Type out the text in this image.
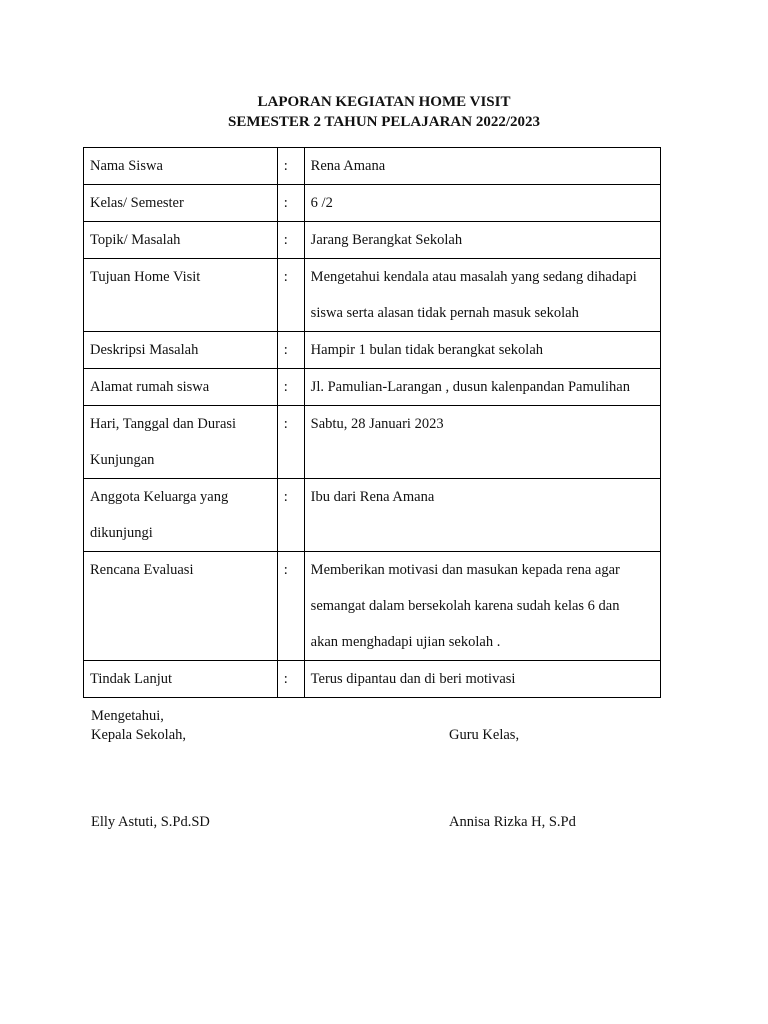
LAPORAN KEGIATAN HOME VISIT
SEMESTER 2 TAHUN PELAJARAN 2022/2023
Nama Siswa	:	Rena Amana

Kelas/ Semester	:	6 /2

Topik/ Masalah	:	Jarang Berangkat Sekolah

Tujuan Home Visit	:	Mengetahui kendala atau masalah yang sedang dihadapi
siswa serta alasan tidak pernah masuk sekolah

Deskripsi Masalah	:	Hampir 1 bulan tidak berangkat sekolah

Alamat rumah siswa	:	Jl. Pamulian-Larangan , dusun kalenpandan Pamulihan

Hari, Tanggal dan Durasi
Kunjungan	:	Sabtu, 28 Januari 2023

Anggota Keluarga yang
dikunjungi	:	Ibu dari Rena Amana

Rencana Evaluasi	:	Memberikan motivasi dan masukan kepada rena agar
semangat dalam bersekolah karena sudah kelas 6 dan
akan menghadapi ujian sekolah .

Tindak Lanjut	:	Terus dipantau dan di beri motivasi
Mengetahui,
Kepala Sekolah,	Guru Kelas,
Elly Astuti, S.Pd.SD	Annisa Rizka H, S.Pd
